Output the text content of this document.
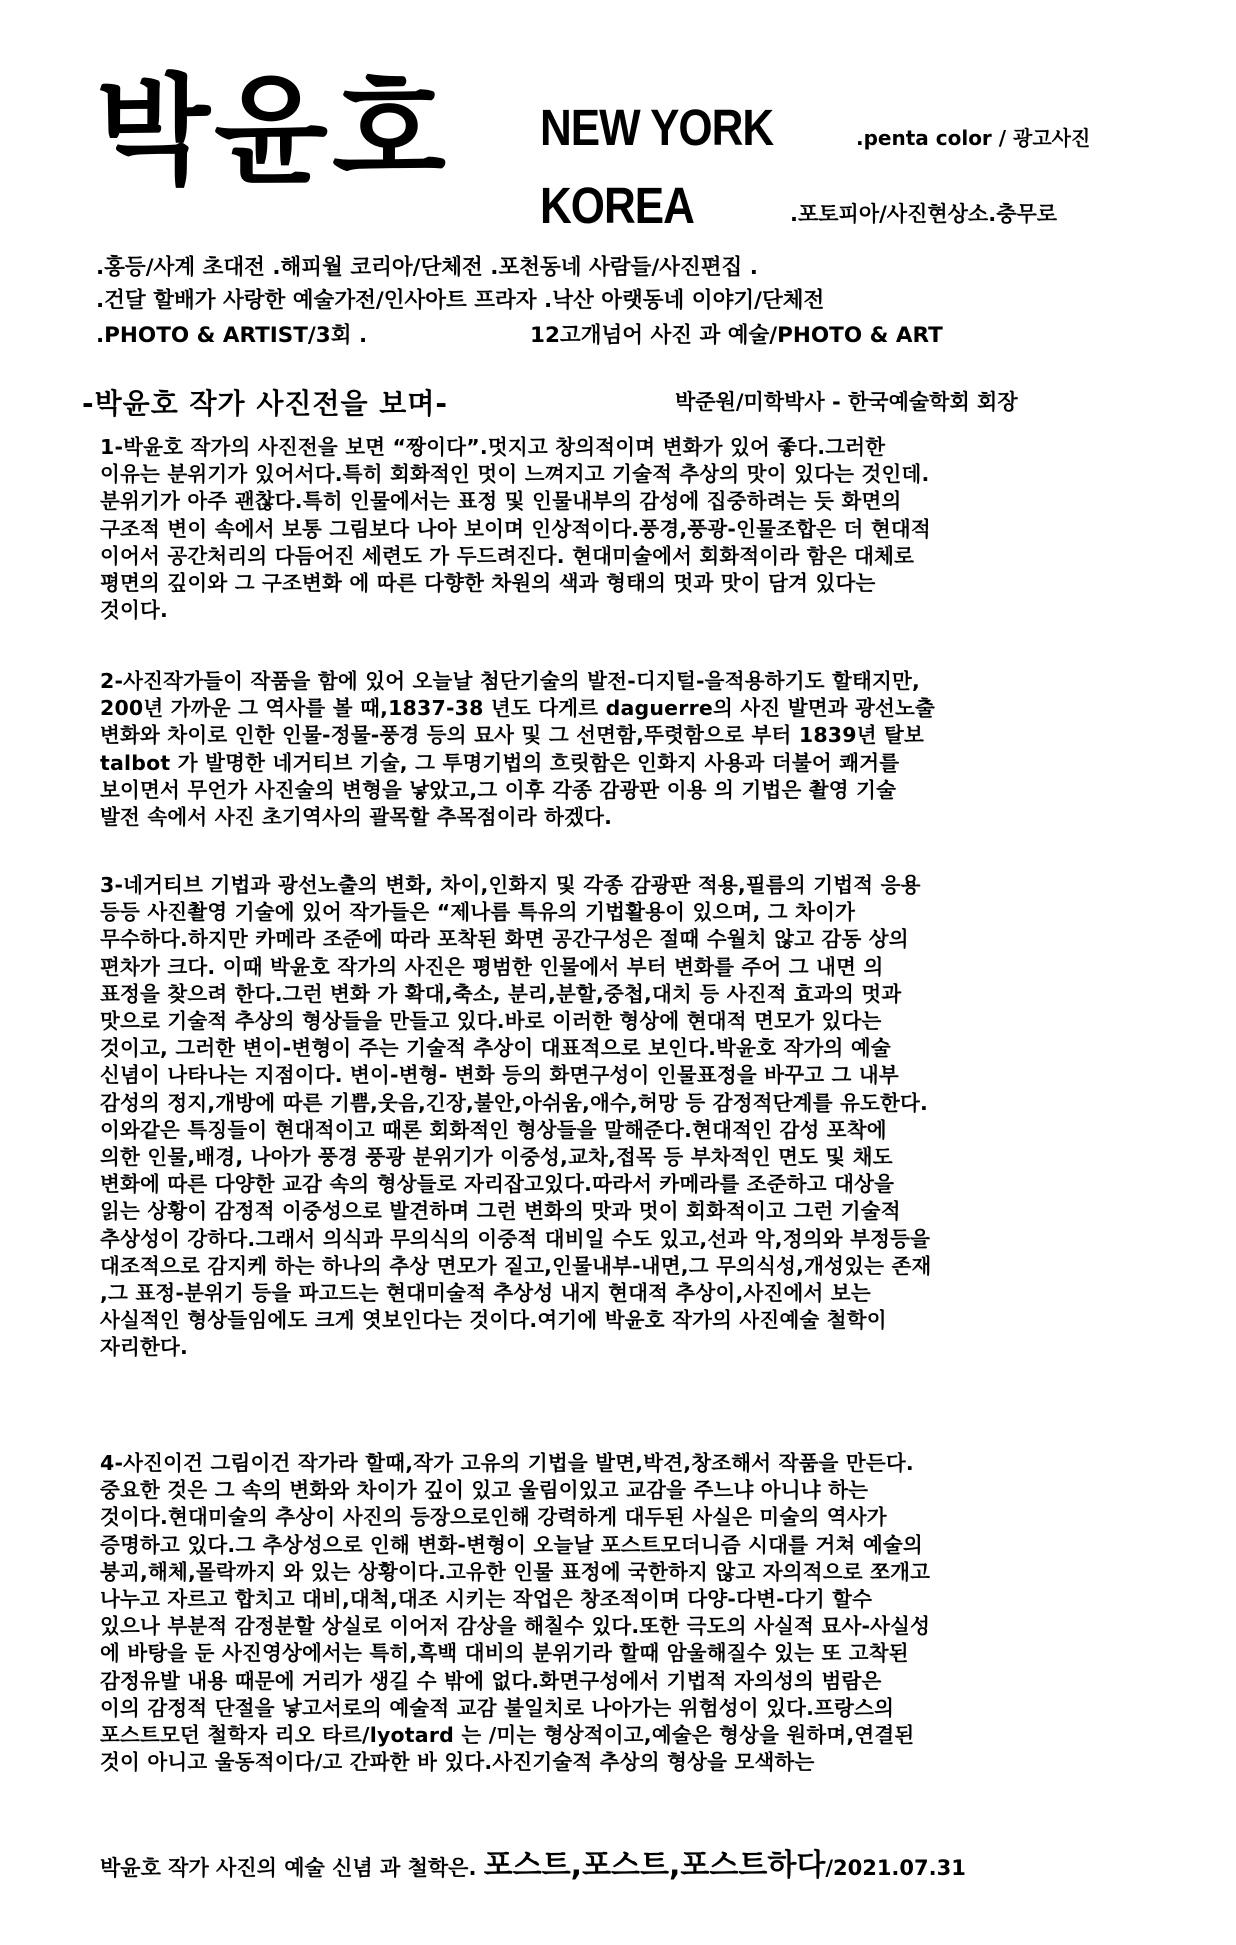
박윤호 NEW YORK
KOREA
.penta color / 광고사진
.포토피아/사진현상소.충무로
.홍등/사계 초대전 .해피월 코리아/단체전 .포천동네 사람들/사진편집 .
.건달 할배가 사랑한 예술가전/인사아트 프라자 .낙산 아랫동네 이야기/단체전
.PHOTO & ARTIST/3회 .	12고개넘어 사진 과 예술/PHOTO & ART
-박윤호 작가 사진전을 보며-	박준원/미학박사 - 한국예술학회 회장
1-박윤호 작가의 사진전을 보면 “짱이다”.멋지고 창의적이며 변화가 있어 좋다.그러한
이유는 분위기가 있어서다.특히 회화적인 멋이 느껴지고 기술적 추상의 맛이 있다는 것인데.
분위기가 아주 괜찮다.특히 인물에서는 표정 및 인물내부의 감성에 집중하려는 듯 화면의
구조적 변이 속에서 보통 그림보다 나아 보이며 인상적이다.풍경,풍광-인물조합은 더 현대적
이어서 공간처리의 다듬어진 세련도 가 두드려진다. 현대미술에서 회화적이라 함은 대체로
평면의 깊이와 그 구조변화 에 따른 다향한 차원의 색과 형태의 멋과 맛이 담겨 있다는
것이다.
2-사진작가들이 작품을 함에 있어 오늘날 첨단기술의 발전-디지털-을적용하기도 할태지만,
200년 가까운 그 역사를 볼 때,1837-38 년도 다게르 daguerre의 사진 발면과 광선노출
변화와 차이로 인한 인물-정물-풍경 등의 묘사 및 그 선면함,뚜렷함으로 부터 1839년 탈보
talbot 가 발명한 네거티브 기술, 그 투명기법의 흐릿함은 인화지 사용과 더불어 쾌거를
보이면서 무언가 사진술의 변형을 낳았고,그 이후 각종 감광판 이용 의 기법은 촬영 기술
발전 속에서 사진 초기역사의 괄목할 추목점이라 하겠다.
3-네거티브 기법과 광선노출의 변화, 차이,인화지 및 각종 감광판 적용,필름의 기법적 응용
등등 사진촬영 기술에 있어 작가들은 “제나름 특유의 기법활용이 있으며, 그 차이가
무수하다.하지만 카메라 조준에 따라 포착된 화면 공간구성은 절때 수월치 않고 감동 상의
편차가 크다. 이때 박윤호 작가의 사진은 평범한 인물에서 부터 변화를 주어 그 내면 의
표정을 찾으려 한다.그런 변화 가 확대,축소, 분리,분할,중첩,대치 등 사진적 효과의 멋과
맛으로 기술적 추상의 형상들을 만들고 있다.바로 이러한 형상에 현대적 면모가 있다는
것이고, 그러한 변이-변형이 주는 기술적 추상이 대표적으로 보인다.박윤호 작가의 예술
신념이 나타나는 지점이다. 변이-변형- 변화 등의 화면구성이 인물표정을 바꾸고 그 내부
감성의 정지,개방에 따른 기쁨,웃음,긴장,불안,아쉬움,애수,허망 등 감정적단계를 유도한다.
이와같은 특징들이 현대적이고 때론 회화적인 형상들을 말해준다.현대적인 감성 포착에
의한 인물,배경, 나아가 풍경 풍광 분위기가 이중성,교차,접목 등 부차적인 면도 및 채도
변화에 따른 다양한 교감 속의 형상들로 자리잡고있다.따라서 카메라를 조준하고 대상을
읽는 상황이 감정적 이중성으로 발견하며 그런 변화의 맛과 멋이 회화적이고 그런 기술적
추상성이 강하다.그래서 의식과 무의식의 이중적 대비일 수도 있고,선과 악,정의와 부정등을
대조적으로 감지케 하는 하나의 추상 면모가 짙고,인물내부-내면,그 무의식성,개성있는 존재
,그 표정-분위기 등을 파고드는 현대미술적 추상성 내지 현대적 추상이,사진에서 보는
사실적인 형상들임에도 크게 엿보인다는 것이다.여기에 박윤호 작가의 사진예술 철학이
자리한다.
4-사진이건 그림이건 작가라 할때,작가 고유의 기법을 발면,박견,창조해서 작품을 만든다.
중요한 것은 그 속의 변화와 차이가 깊이 있고 울림이있고 교감을 주느냐 아니냐 하는
것이다.현대미술의 추상이 사진의 등장으로인해 강력하게 대두된 사실은 미술의 역사가
증명하고 있다.그 추상성으로 인해 변화-변형이 오늘날 포스트모더니즘 시대를 거쳐 예술의
붕괴,해체,몰락까지 와 있는 상황이다.고유한 인물 표정에 국한하지 않고 자의적으로 쪼개고
나누고 자르고 합치고 대비,대척,대조 시키는 작업은 창조적이며 다양-다변-다기 할수
있으나 부분적 감정분할 상실로 이어저 감상을 해칠수 있다.또한 극도의 사실적 묘사-사실성
에 바탕을 둔 사진영상에서는 특히,흑백 대비의 분위기라 할때 암울해질수 있는 또 고착된
감정유발 내용 때문에 거리가 생길 수 밖에 없다.화면구성에서 기법적 자의성의 범람은
이의 감정적 단절을 낳고서로의 예술적 교감 불일치로 나아가는 위험성이 있다.프랑스의
포스트모던 철학자 리오 타르/lyotard 는 /미는 형상적이고,예술은 형상을 원하며,연결된
것이 아니고 울동적이다/고 간파한 바 있다.사진기술적 추상의 형상을 모색하는
박윤호 작가 사진의 예술 신념 과 철학은. 포스트,포스트,포스트하다/2021.07.31
